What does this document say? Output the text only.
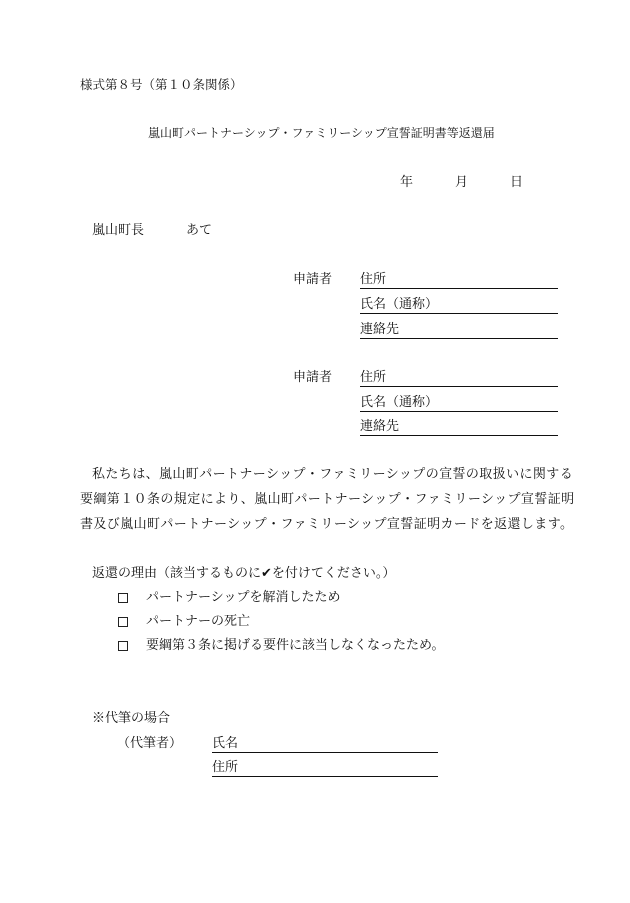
様式第８号（第１０条関係）
嵐山町パートナーシップ・ファミリーシップ宣誓証明書等返還届
年	月	日
嵐山町長	あて
申請者 住所
氏名（通称）
連絡先
申請者 住所
氏名（通称）
連絡先
私たちは、嵐山町パートナーシップ・ファミリーシップの宣誓の取扱いに関する
要綱第１０条の規定により、嵐山町パートナーシップ・ファミリーシップ宣誓証明
書及び嵐山町パートナーシップ・ファミリーシップ宣誓証明カードを返還します。
返還の理由（該当するものに✔を付けてください。）
パートナーシップを解消したため
パートナーの死亡
要綱第３条に掲げる要件に該当しなくなったため。
※代筆の場合
（代筆者） 氏名
住所
